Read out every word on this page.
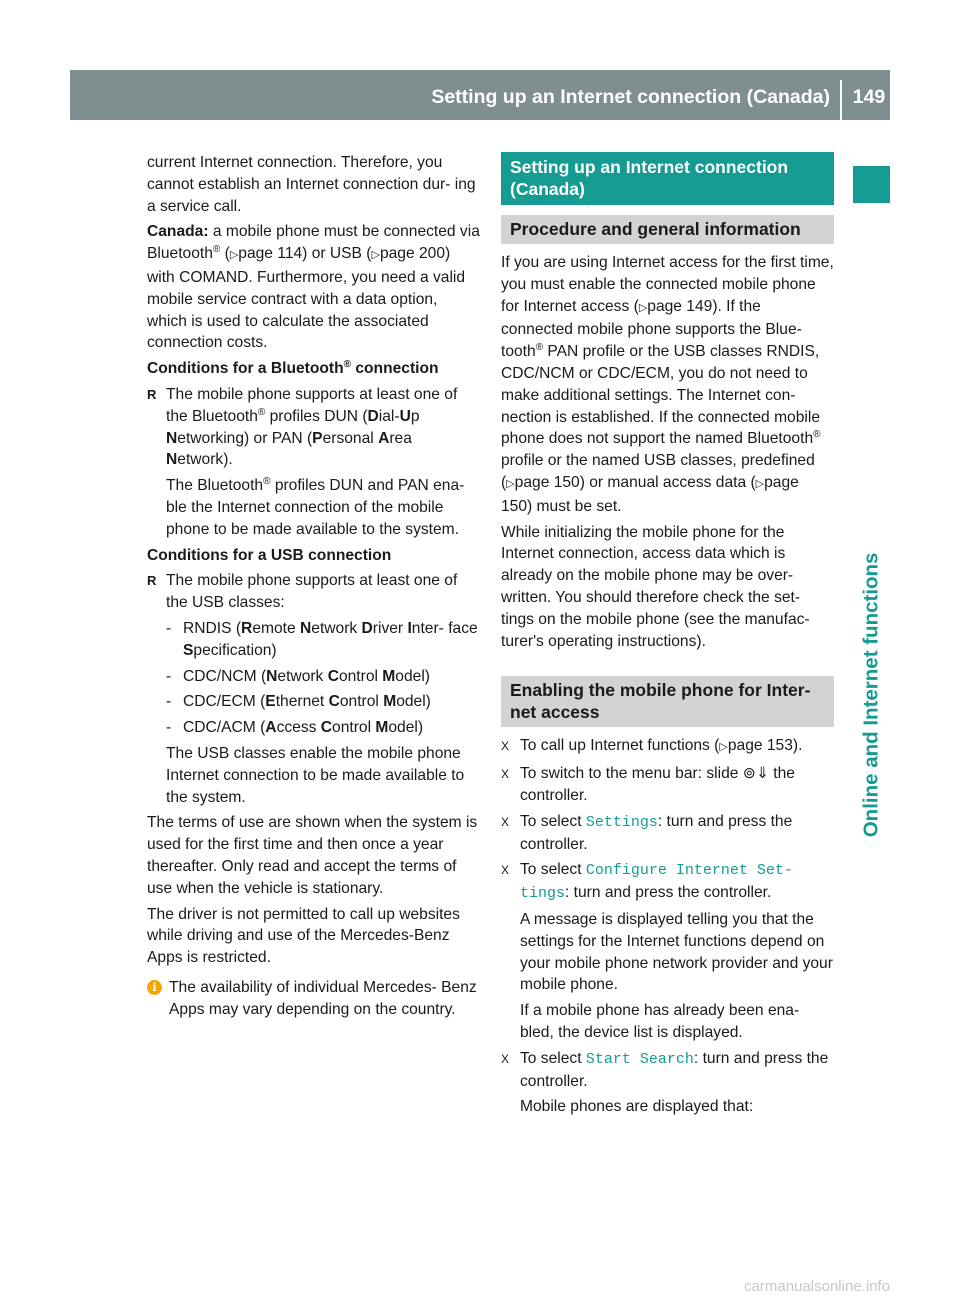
Setting up an Internet connection (Canada) 149
Online and Internet functions

current Internet connection. Therefore, you cannot establish an Internet connection dur- ing a service call.

Canada: a mobile phone must be connected via Bluetooth® (▷page 114) or USB (▷page 200) with COMAND. Furthermore, you need a valid mobile service contract with a data option, which is used to calculate the associated connection costs.

Conditions for a Bluetooth® connection
R The mobile phone supports at least one of the Bluetooth® profiles DUN (Dial-Up Networking) or PAN (Personal Area Network).
The Bluetooth® profiles DUN and PAN ena- ble the Internet connection of the mobile phone to be made available to the system.
Conditions for a USB connection
R The mobile phone supports at least one of the USB classes:
- RNDIS (Remote Network Driver Inter- face Specification)
- CDC/NCM (Network Control Model)
- CDC/ECM (Ethernet Control Model)
- CDC/ACM (Access Control Model)
The USB classes enable the mobile phone Internet connection to be made available to the system.

The terms of use are shown when the system is used for the first time and then once a year thereafter. Only read and accept the terms of use when the vehicle is stationary.

The driver is not permitted to call up websites while driving and use of the Mercedes-Benz Apps is restricted.

i The availability of individual Mercedes- Benz Apps may vary depending on the country.
Setting up an Internet connection (Canada)
Procedure and general information

If you are using Internet access for the first time, you must enable the connected mobile phone for Internet access (▷page 149). If the connected mobile phone supports the Blue- tooth® PAN profile or the USB classes RNDIS, CDC/NCM or CDC/ECM, you do not need to make additional settings. The Internet con- nection is established. If the connected mobile phone does not support the named Bluetooth® profile or the named USB classes, predefined (▷page 150) or manual access data (▷page 150) must be set.

While initializing the mobile phone for the Internet connection, access data which is already on the mobile phone may be over- written. You should therefore check the set- tings on the mobile phone (see the manufac- turer's operating instructions).

Enabling the mobile phone for Inter- net access
X To call up Internet functions (▷page 153).
X To switch to the menu bar: slide ⊚⇓ the controller.
X To select Settings: turn and press the controller.
X To select Configure Internet Set‐ tings: turn and press the controller.
A message is displayed telling you that the settings for the Internet functions depend on your mobile phone network provider and your mobile phone.
If a mobile phone has already been ena- bled, the device list is displayed.
X To select Start Search: turn and press the controller.
Mobile phones are displayed that:
carmanualsonline.info
